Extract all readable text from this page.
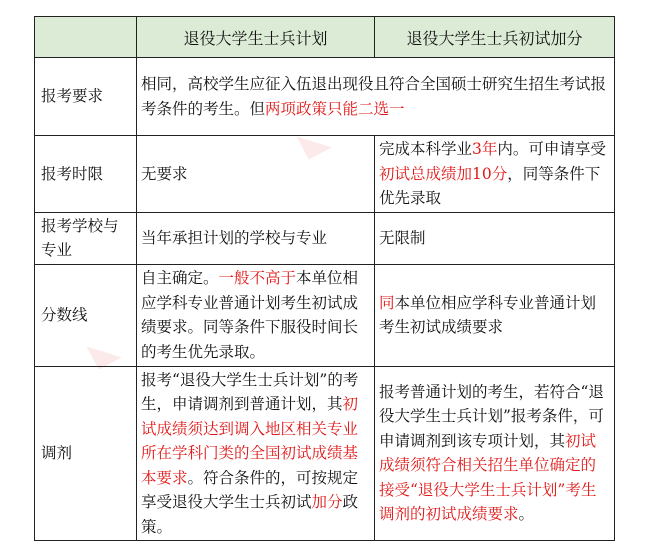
◣
◣
	退役大学生士兵计划	退役大学生士兵初试加分
报考要求	相同，高校学生应征入伍退出现役且符合全国硕士研究生招生考试报考条件的考生。但两项政策只能二选一	
报考时限	无要求	完成本科学业3年内。可申请享受初试总成绩加10分，同等条件下优先录取
报考学校与专业	当年承担计划的学校与专业	无限制
分数线	自主确定。一般不高于本单位相应学科专业普通计划考生初试成绩要求。同等条件下服役时间长的考生优先录取。	同本单位相应学科专业普通计划考生初试成绩要求
调剂	报考“退役大学生士兵计划”的考生，申请调剂到普通计划，其初试成绩须达到调入地区相关专业所在学科门类的全国初试成绩基本要求。符合条件的，可按规定享受退役大学生士兵初试加分政策。	报考普通计划的考生，若符合“退役大学生士兵计划”报考条件，可申请调剂到该专项计划，其初试成绩须符合相关招生单位确定的接受“退役大学生士兵计划”考生调剂的初试成绩要求。
